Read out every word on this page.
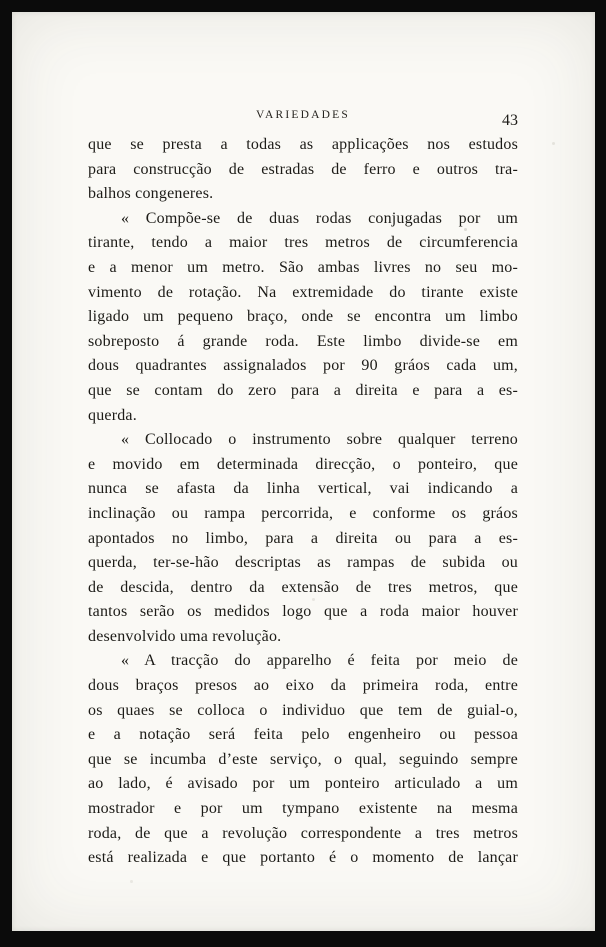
VARIEDADES	43
que se presta a todas as applicações nos estudos
para construcção de estradas de ferro e outros tra-
balhos congeneres.
« Compõe-se de duas rodas conjugadas por um
tirante, tendo a maior tres metros de circumferencia
e a menor um metro. São ambas livres no seu mo-
vimento de rotação. Na extremidade do tirante existe
ligado um pequeno braço, onde se encontra um limbo
sobreposto á grande roda. Este limbo divide-se em
dous quadrantes assignalados por 90 gráos cada um,
que se contam do zero para a direita e para a es-
querda.
« Collocado o instrumento sobre qualquer terreno
e movido em determinada direcção, o ponteiro, que
nunca se afasta da linha vertical, vai indicando a
inclinação ou rampa percorrida, e conforme os gráos
apontados no limbo, para a direita ou para a es-
querda, ter-se-hão descriptas as rampas de subida ou
de descida, dentro da extensão de tres metros, que
tantos serão os medidos logo que a roda maior houver
desenvolvido uma revolução.
« A tracção do apparelho é feita por meio de
dous braços presos ao eixo da primeira roda, entre
os quaes se colloca o individuo que tem de guial-o,
e a notação será feita pelo engenheiro ou pessoa
que se incumba d’este serviço, o qual, seguindo sempre
ao lado, é avisado por um ponteiro articulado a um
mostrador e por um tympano existente na mesma
roda, de que a revolução correspondente a tres metros
está realizada e que portanto é o momento de lançar
